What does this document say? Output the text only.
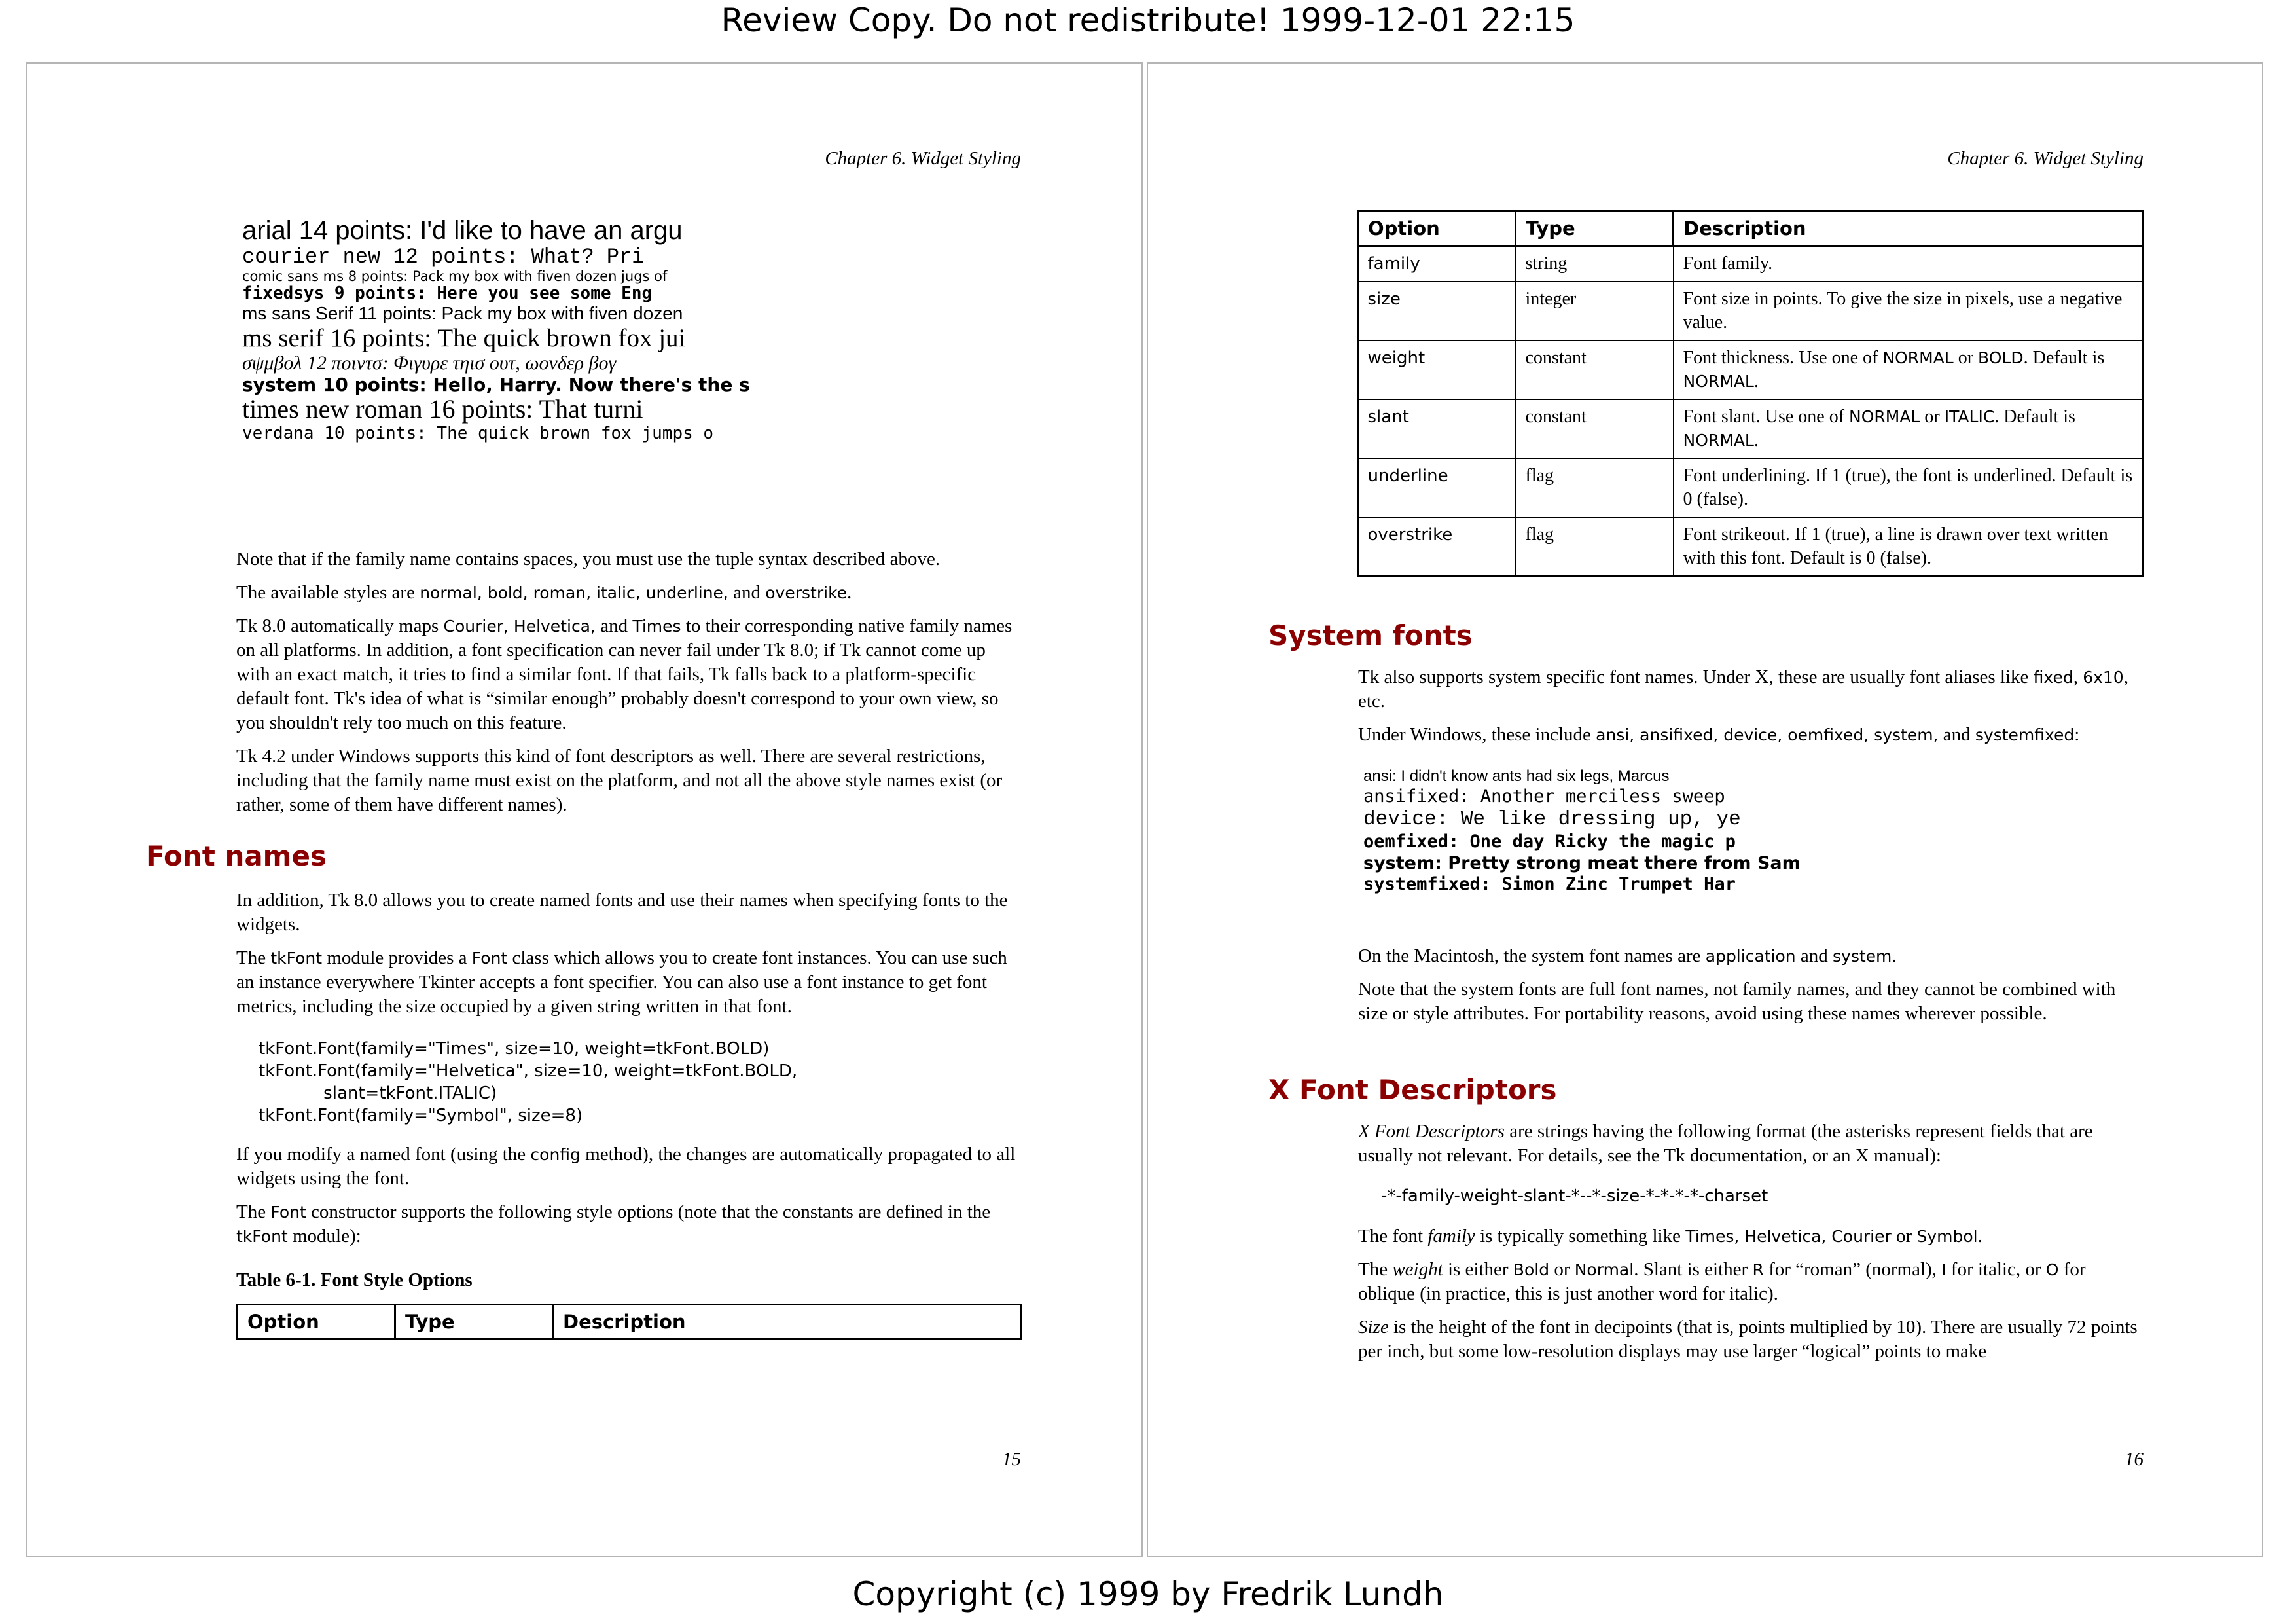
Review Copy. Do not redistribute! 1999-12-01 22:15
Chapter 6. Widget Styling
arial 14 points: I'd like to have an argu
courier new 12 points: What? Pri
comic sans ms 8 points: Pack my box with fiven dozen jugs of
fixedsys 9 points: Here you see some Eng
ms sans Serif 11 points: Pack my box with fiven dozen
ms serif 16 points: The quick brown fox jui
σψμβολ 12 ποιντσ: Φιγυρε τηισ ουτ, ωονδερ βογ
system 10 points: Hello, Harry. Now there's the s
times new roman 16 points: That turni
verdana 10 points: The quick brown fox jumps o

Note that if the family name contains spaces, you must use the tuple syntax described above.

The available styles are normal, bold, roman, italic, underline, and overstrike.

Tk 8.0 automatically maps Courier, Helvetica, and Times to their corresponding native family names on all platforms. In addition, a font specification can never fail under Tk 8.0; if Tk cannot come up with an exact match, it tries to find a similar font. If that fails, Tk falls back to a platform-specific default font. Tk's idea of what is “similar enough” probably doesn't correspond to your own view, so you shouldn't rely too much on this feature.

Tk 4.2 under Windows supports this kind of font descriptors as well. There are several restrictions, including that the family name must exist on the platform, and not all the above style names exist (or rather, some of them have different names).

Font names

In addition, Tk 8.0 allows you to create named fonts and use their names when specifying fonts to the widgets.

The tkFont module provides a Font class which allows you to create font instances. You can use such an instance everywhere Tkinter accepts a font specifier. You can also use a font instance to get font metrics, including the size occupied by a given string written in that font.

tkFont.Font(family="Times", size=10, weight=tkFont.BOLD)
tkFont.Font(family="Helvetica", size=10, weight=tkFont.BOLD,
slant=tkFont.ITALIC)
tkFont.Font(family="Symbol", size=8)

If you modify a named font (using the config method), the changes are automatically propagated to all widgets using the font.

The Font constructor supports the following style options (note that the constants are defined in the tkFont module):

Table 6-1. Font Style Options
Option	Type	Description
15
Chapter 6. Widget Styling
Option	Type	Description
family	string	Font family.
size	integer	Font size in points. To give the size in pixels, use a negative value.
weight	constant	Font thickness. Use one of NORMAL or BOLD. Default is NORMAL.
slant	constant	Font slant. Use one of NORMAL or ITALIC. Default is NORMAL.
underline	flag	Font underlining. If 1 (true), the font is underlined. Default is 0 (false).
overstrike	flag	Font strikeout. If 1 (true), a line is drawn over text written with this font. Default is 0 (false).
System fonts

Tk also supports system specific font names. Under X, these are usually font aliases like fixed, 6x10, etc.

Under Windows, these include ansi, ansifixed, device, oemfixed, system, and systemfixed:

ansi: I didn't know ants had six legs, Marcus
ansifixed: Another merciless sweep
device: We like dressing up, ye
oemfixed: One day Ricky the magic p
system: Pretty strong meat there from Sam
systemfixed: Simon Zinc Trumpet Har

On the Macintosh, the system font names are application and system.

Note that the system fonts are full font names, not family names, and they cannot be combined with size or style attributes. For portability reasons, avoid using these names wherever possible.

X Font Descriptors

X Font Descriptors are strings having the following format (the asterisks represent fields that are usually not relevant. For details, see the Tk documentation, or an X manual):

-*-family-weight-slant-*--*-size-*-*-*-*-charset

The font family is typically something like Times, Helvetica, Courier or Symbol.

The weight is either Bold or Normal. Slant is either R for “roman” (normal), I for italic, or O for oblique (in practice, this is just another word for italic).

Size is the height of the font in decipoints (that is, points multiplied by 10). There are usually 72 points per inch, but some low-resolution displays may use larger “logical” points to make

16
Copyright (c) 1999 by Fredrik Lundh
